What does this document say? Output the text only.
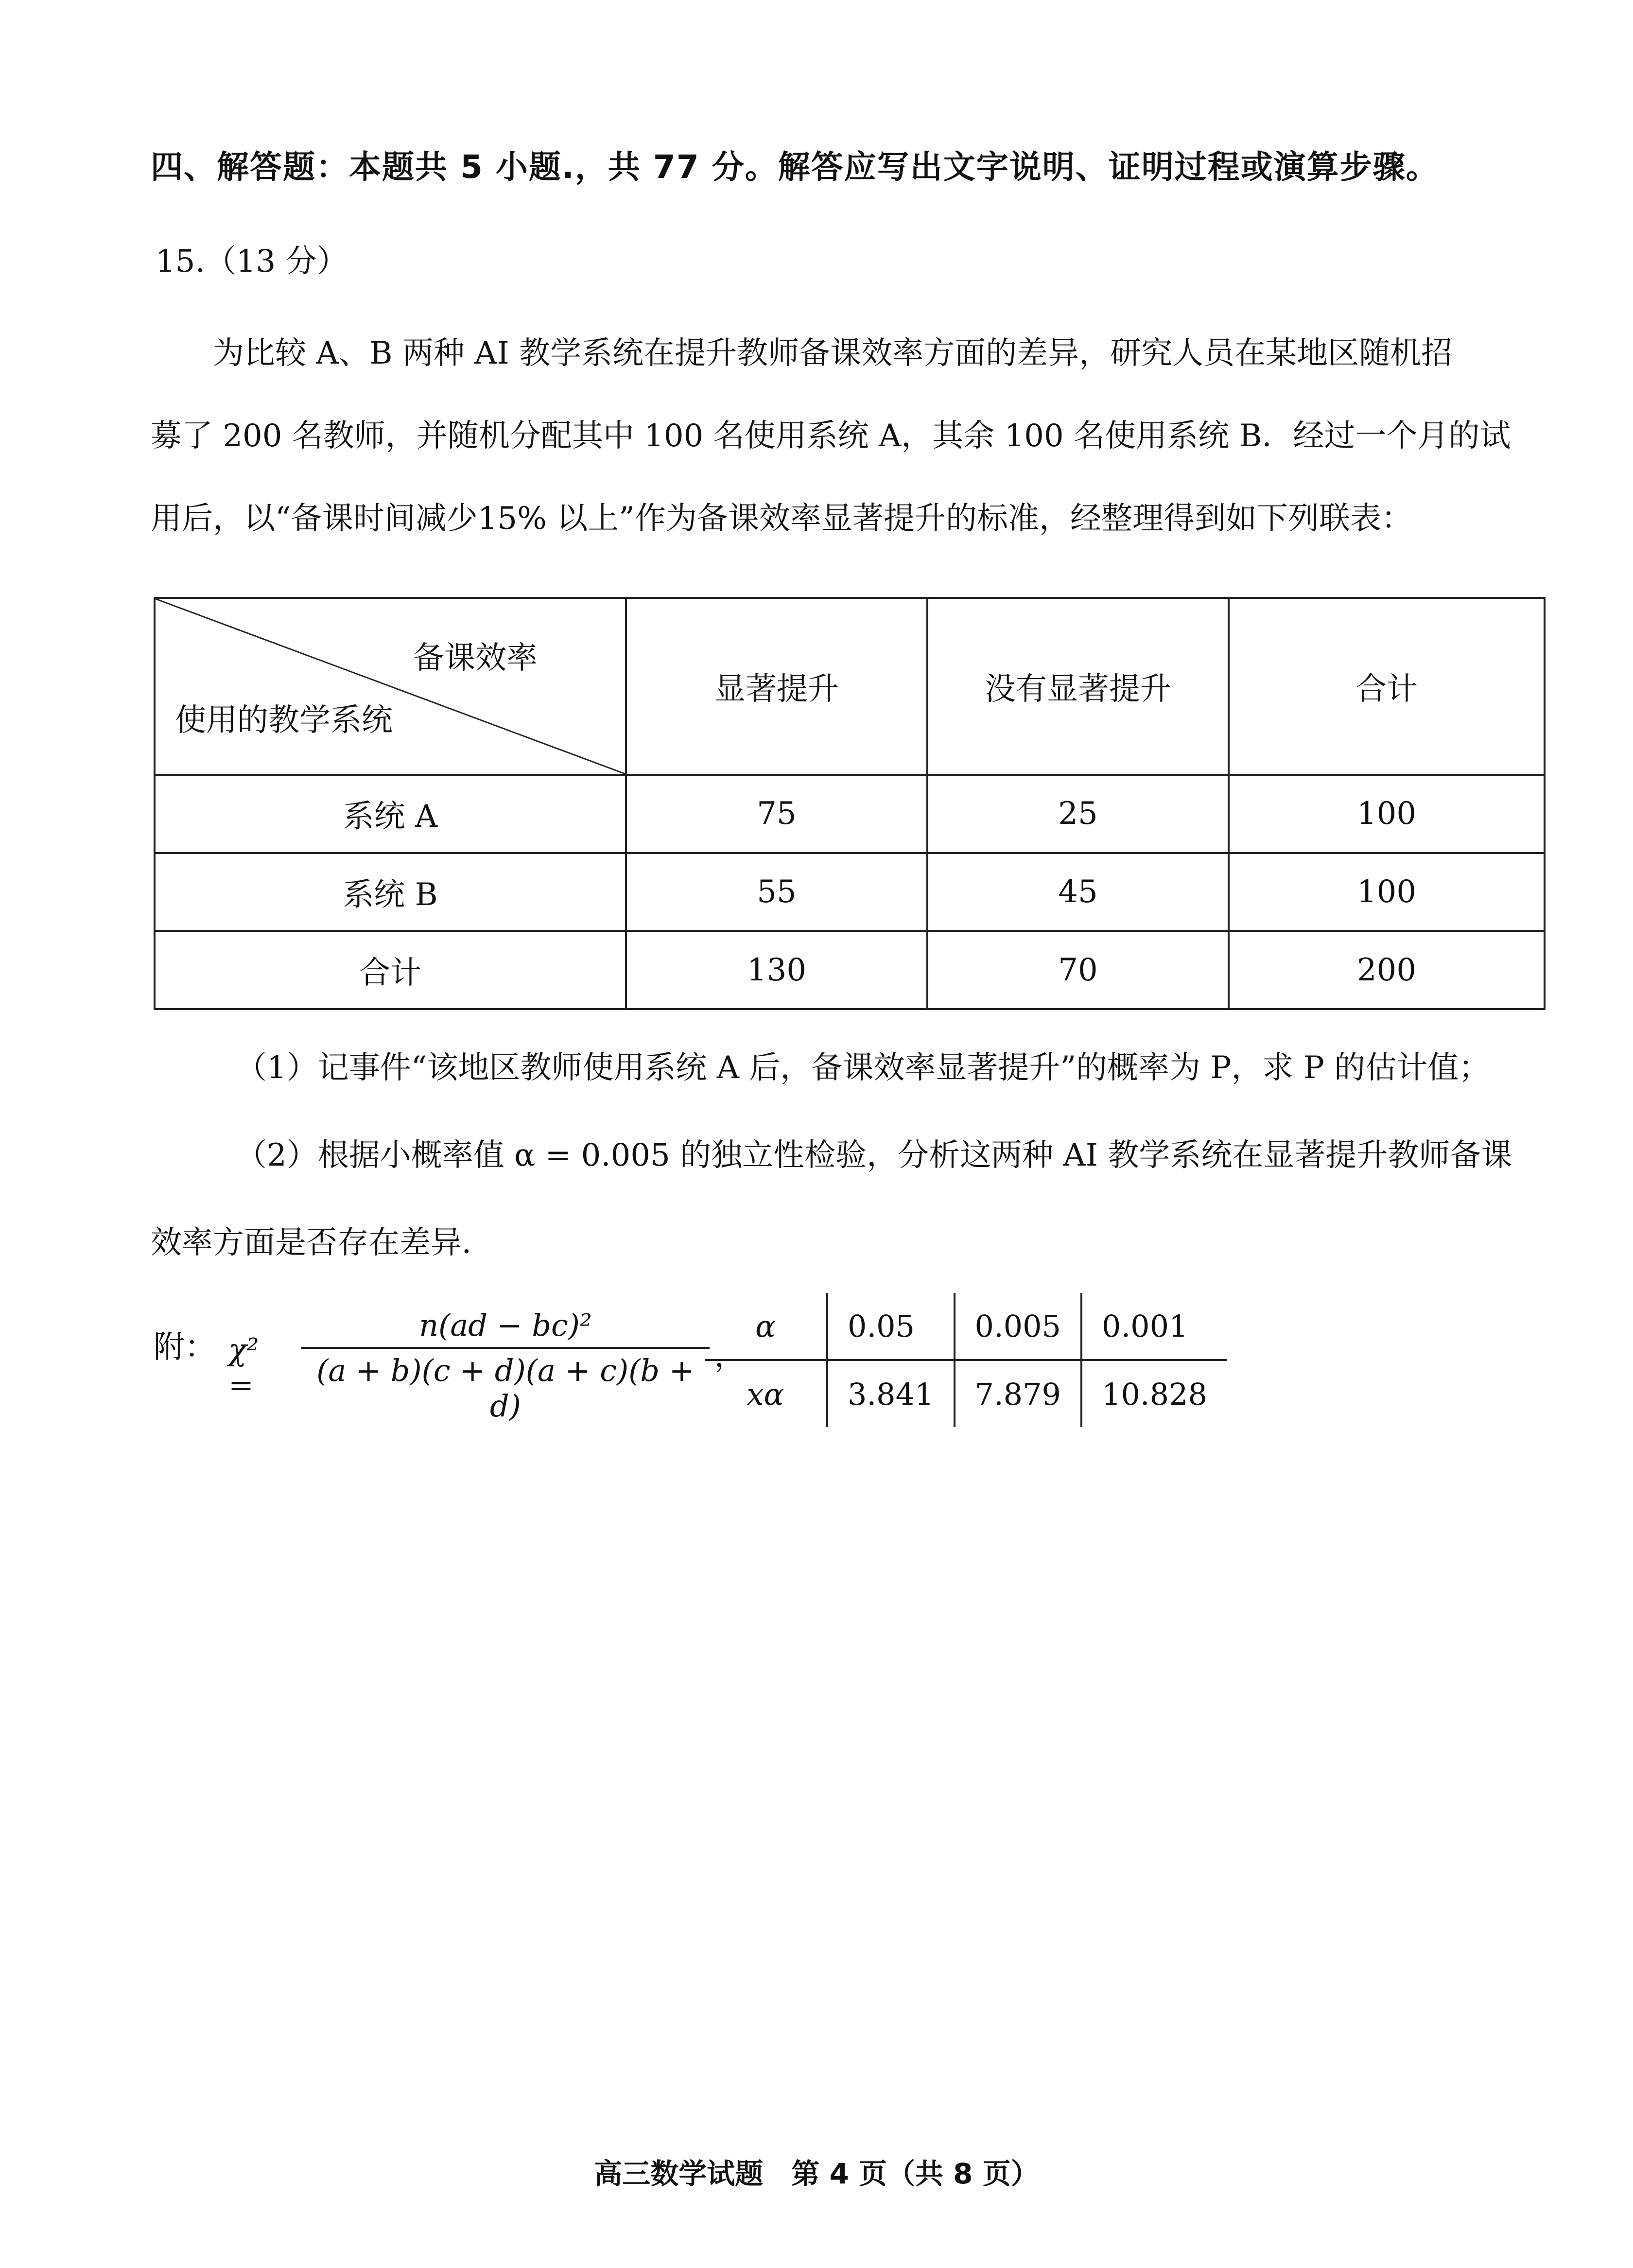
四、解答题：本题共 5 小题.，共 77 分。解答应写出文字说明、证明过程或演算步骤。
15.（13 分）
为比较 A、B 两种 AI 教学系统在提升教师备课效率方面的差异，研究人员在某地区随机招
募了 200 名教师，并随机分配其中 100 名使用系统 A，其余 100 名使用系统 B．经过一个月的试
用后，以“备课时间减少15% 以上”作为备课效率显著提升的标准，经整理得到如下列联表：
备课效率
使用的教学系统	显著提升	没有显著提升	合计
系统 A	75	25	100
系统 B	55	45	100
合计	130	70	200
（1）记事件“该地区教师使用系统 A 后，备课效率显著提升”的概率为 P，求 P 的估计值；
（2）根据小概率值 α = 0.005 的独立性检验，分析这两种 AI 教学系统在显著提升教师备课
效率方面是否存在差异．
附： $\chi^2 = \frac{\text{n(ad − bc)²}}{(a + b)(c + d)(a + c)(b + d)}$ ，
α	0.05	0.005	0.001
xα	3.841	7.879	10.828
高三数学试题　第 4 页（共 8 页）
